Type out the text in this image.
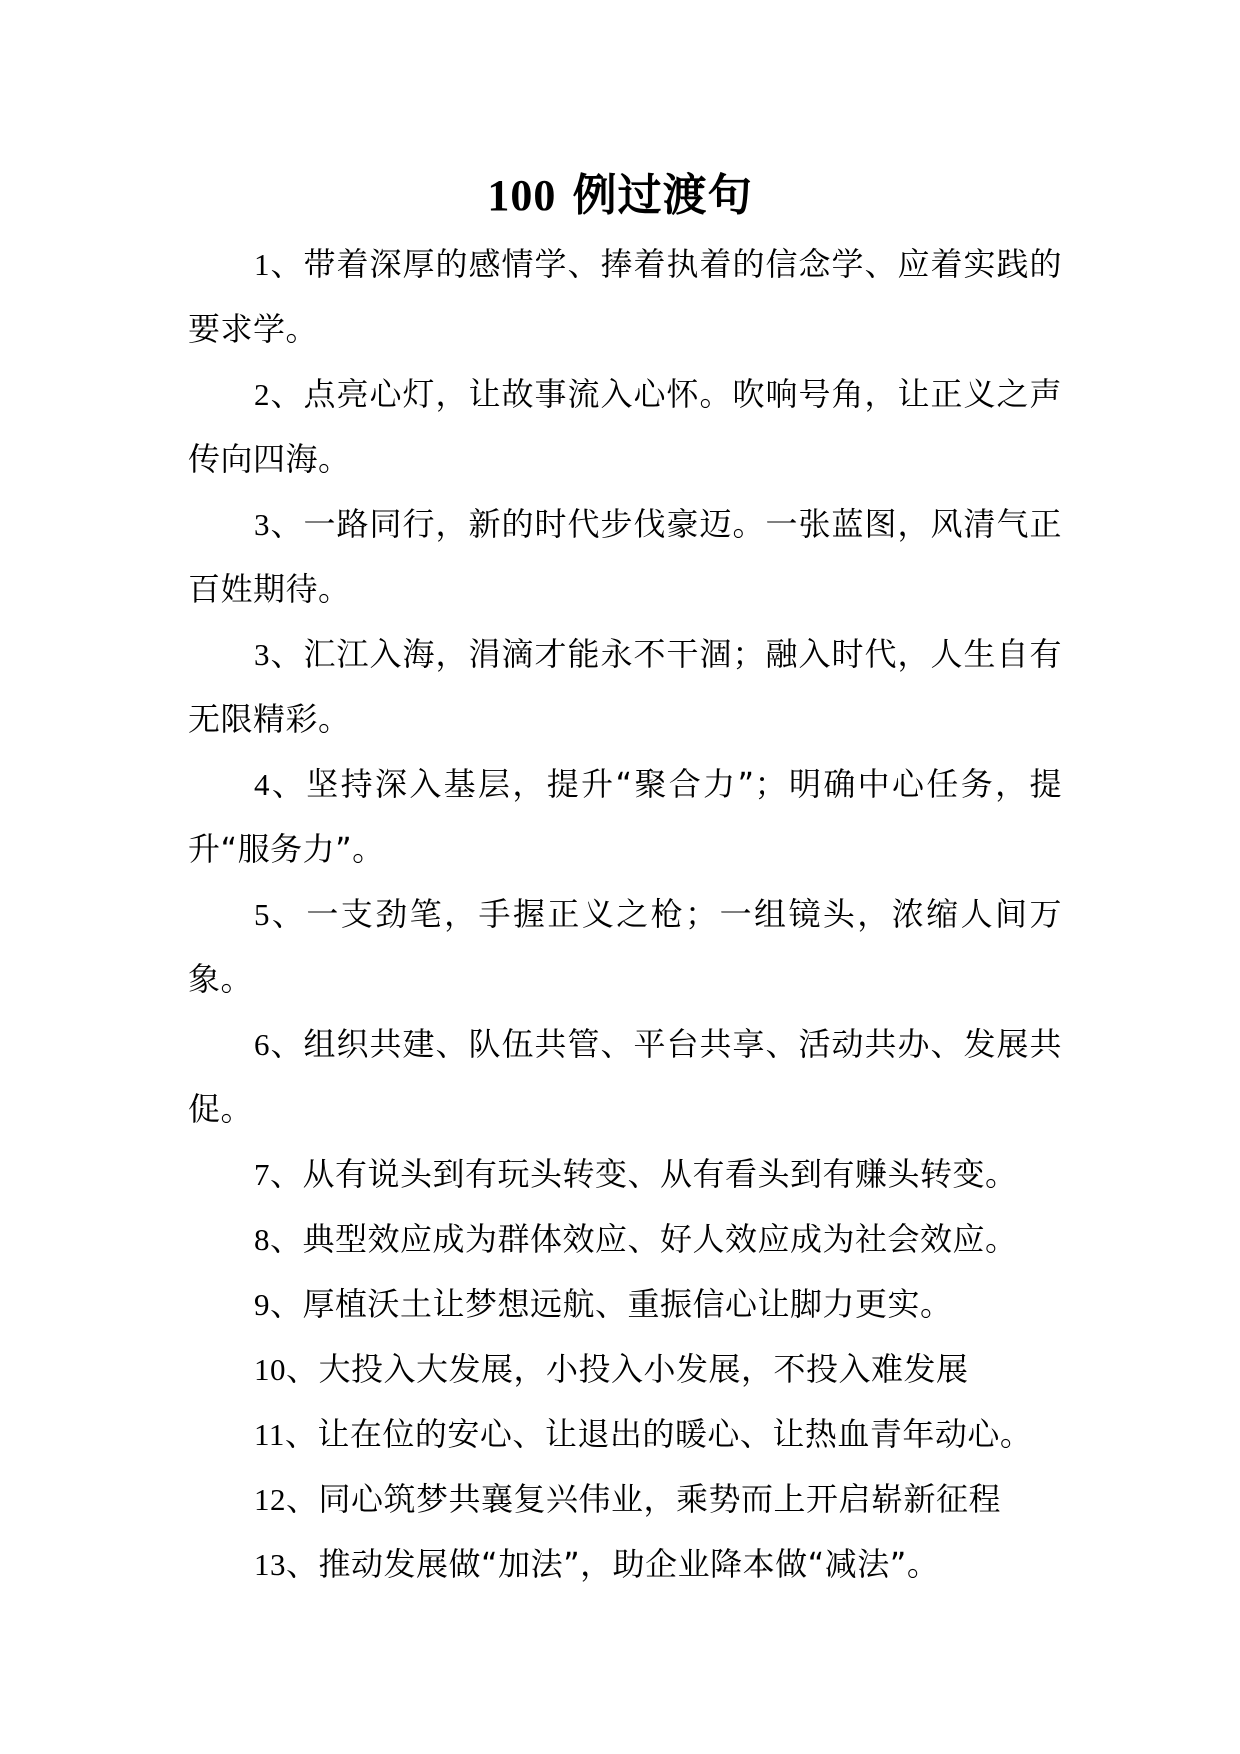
100 例过渡句

1、带着深厚的感情学、捧着执着的信念学、应着实践的要求学。

2、点亮心灯，让故事流入心怀。吹响号角，让正义之声传向四海。

3、一路同行，新的时代步伐豪迈。一张蓝图，风清气正百姓期待。

3、汇江入海，涓滴才能永不干涸；融入时代，人生自有无限精彩。

4、坚持深入基层，提升“聚合力”；明确中心任务，提升“服务力”。

5、一支劲笔，手握正义之枪；一组镜头，浓缩人间万象。

6、组织共建、队伍共管、平台共享、活动共办、发展共促。

7、从有说头到有玩头转变、从有看头到有赚头转变。

8、典型效应成为群体效应、好人效应成为社会效应。

9、厚植沃土让梦想远航、重振信心让脚力更实。

10、大投入大发展，小投入小发展，不投入难发展

11、让在位的安心、让退出的暖心、让热血青年动心。

12、同心筑梦共襄复兴伟业，乘势而上开启崭新征程

13、推动发展做“加法”，助企业降本做“减法”。
